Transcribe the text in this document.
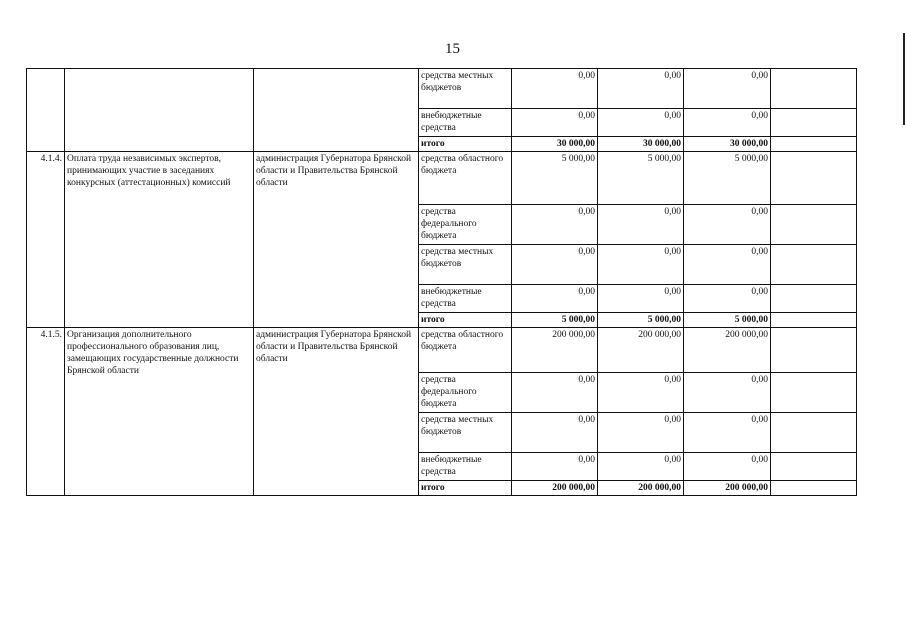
15
			средства местных бюджетов	0,00	0,00	0,00	
			внебюджетные средства	0,00	0,00	0,00	
			итого	30 000,00	30 000,00	30 000,00	
4.1.4.	Оплата труда независимых экспертов, принимающих участие в заседаниях конкурсных (аттестационных) комиссий	администрация Губернатора Брянской области и Правительства Брянской области	средства областного бюджета	5 000,00	5 000,00	5 000,00	
			средства федерального бюджета	0,00	0,00	0,00	
			средства местных бюджетов	0,00	0,00	0,00	
			внебюджетные средства	0,00	0,00	0,00	
			итого	5 000,00	5 000,00	5 000,00	
4.1.5.	Организация дополнительного профессионального образования лиц, замещающих государственные должности Брянской области	администрация Губернатора Брянской области и Правительства Брянской области	средства областного бюджета	200 000,00	200 000,00	200 000,00	
			средства федерального бюджета	0,00	0,00	0,00	
			средства местных бюджетов	0,00	0,00	0,00	
			внебюджетные средства	0,00	0,00	0,00	
			итого	200 000,00	200 000,00	200 000,00	
